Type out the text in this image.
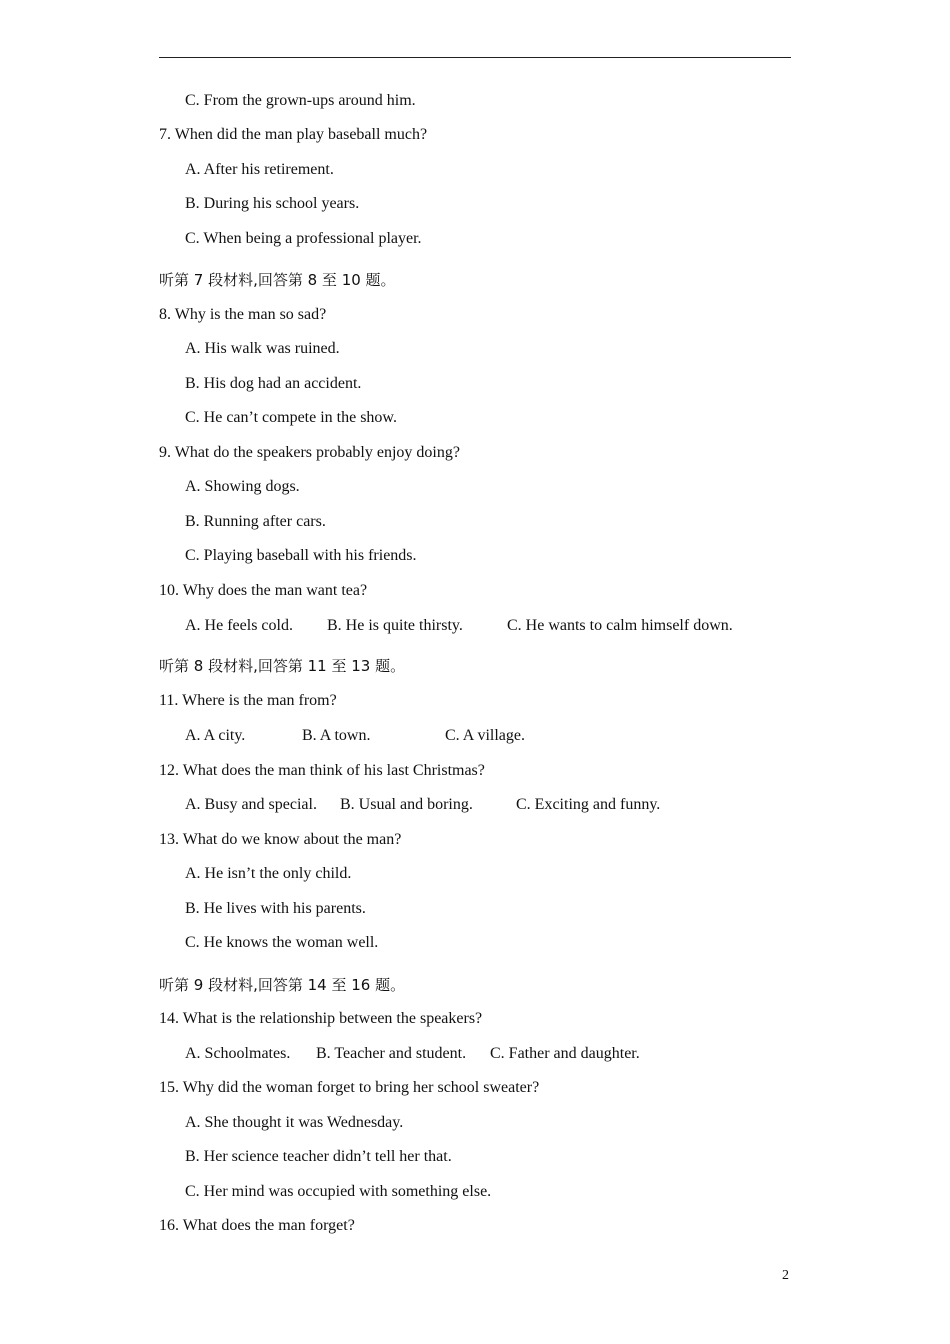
C. From the grown-ups around him.
7. When did the man play baseball much?
A. After his retirement.
B. During his school years.
C. When being a professional player.
听第 7 段材料,回答第 8 至 10 题。
8. Why is the man so sad?
A. His walk was ruined.
B. His dog had an accident.
C. He can’t compete in the show.
9. What do the speakers probably enjoy doing?
A. Showing dogs.
B. Running after cars.
C. Playing baseball with his friends.
10. Why does the man want tea?
A. He feels cold. B. He is quite thirsty.	C. He wants to calm himself down.
听第 8 段材料,回答第 11 至 13 题。
11. Where is the man from?
A. A city.	B. A town.	C. A village.
12. What does the man think of his last Christmas?
A. Busy and special. B. Usual and boring.	C. Exciting and funny.
13. What do we know about the man?
A. He isn’t the only child.
B. He lives with his parents.
C. He knows the woman well.
听第 9 段材料,回答第 14 至 16 题。
14. What is the relationship between the speakers?
A. Schoolmates. B. Teacher and student. C. Father and daughter.
15. Why did the woman forget to bring her school sweater?
A. She thought it was Wednesday.
B. Her science teacher didn’t tell her that.
C. Her mind was occupied with something else.
16. What does the man forget?
2
